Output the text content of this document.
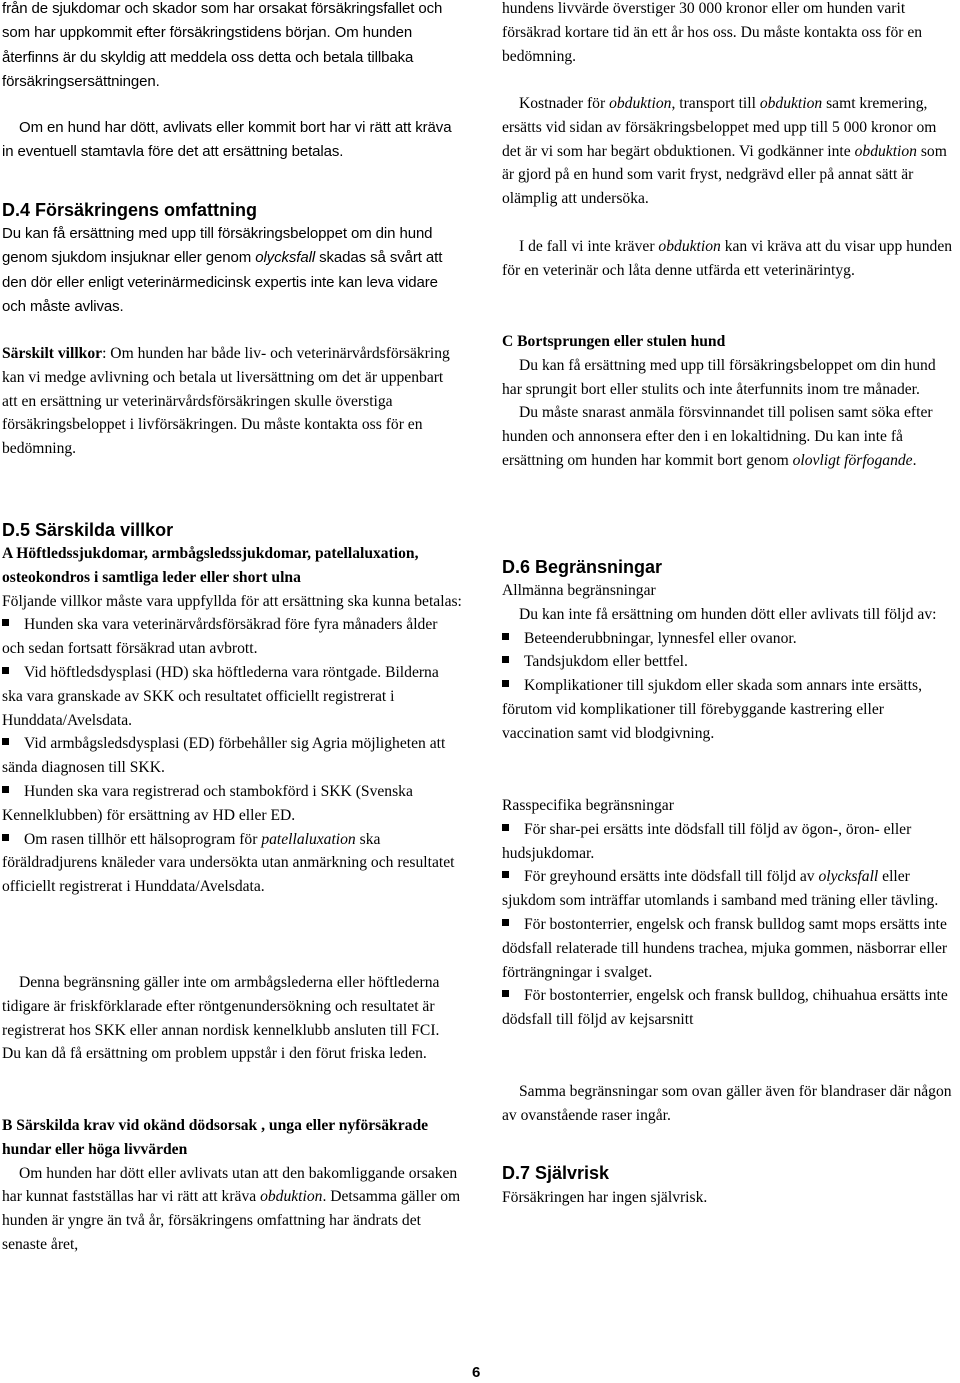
från de sjukdomar och skador som har orsakat försäkringsfallet och som har uppkommit efter försäkringstidens början. Om hunden återfinns är du skyldig att meddela oss detta och betala tillbaka försäkringsersättningen.

Om en hund har dött, avlivats eller kommit bort har vi rätt att kräva in eventuell stamtavla före det att ersättning betalas.

D.4 Försäkringens omfattning

Du kan få ersättning med upp till försäkringsbeloppet om din hund genom sjukdom insjuknar eller genom olycksfall skadas så svårt att den dör eller enligt veterinärmedicinsk expertis inte kan leva vidare och måste avlivas.

Särskilt villkor: Om hunden har både liv- och veterinärvårdsförsäkring kan vi medge avlivning och betala ut liversättning om det är uppenbart att en ersättning ur veterinärvårdsförsäkringen skulle överstiga försäkringsbeloppet i livförsäkringen. Du måste kontakta oss för en bedömning.

D.5 Särskilda villkor

A Höftledssjukdomar, armbågsledssjukdomar, patellaluxation, osteokondros i samtliga leder eller short ulna

Följande villkor måste vara uppfyllda för att ersättning ska kunna betalas:

Hunden ska vara veterinärvårdsförsäkrad före fyra månaders ålder och sedan fortsatt försäkrad utan avbrott.

Vid höftledsdysplasi (HD) ska höftlederna vara röntgade. Bilderna ska vara granskade av SKK och resultatet officiellt registrerat i Hunddata/Avelsdata.

Vid armbågsledsdysplasi (ED) förbehåller sig Agria möjligheten att sända diagnosen till SKK.

Hunden ska vara registrerad och stambokförd i SKK (Svenska Kennelklubben) för ersättning av HD eller ED.

Om rasen tillhör ett hälsoprogram för patellaluxation ska föräldradjurens knäleder vara undersökta utan anmärkning och resultatet officiellt registrerat i Hunddata/Avelsdata.

Denna begränsning gäller inte om armbågslederna eller höftlederna tidigare är friskförklarade efter röntgenundersökning och resultatet är registrerat hos SKK eller annan nordisk kennelklubb ansluten till FCI. Du kan då få ersättning om problem uppstår i den förut friska leden.

B Särskilda krav vid okänd dödsorsak , unga eller nyförsäkrade hundar eller höga livvärden

Om hunden har dött eller avlivats utan att den bakomliggande orsaken har kunnat fastställas har vi rätt att kräva obduktion. Detsamma gäller om hunden är yngre än två år, försäkringens omfattning har ändrats det senaste året,

hundens livvärde överstiger 30 000 kronor eller om hunden varit försäkrad kortare tid än ett år hos oss. Du måste kontakta oss för en bedömning.

Kostnader för obduktion, transport till obduktion samt kremering, ersätts vid sidan av försäkringsbeloppet med upp till 5 000 kronor om det är vi som har begärt obduktionen. Vi godkänner inte obduktion som är gjord på en hund som varit fryst, nedgrävd eller på annat sätt är olämplig att undersöka.

I de fall vi inte kräver obduktion kan vi kräva att du visar upp hunden för en veterinär och låta denne utfärda ett veterinärintyg.

C Bortsprungen eller stulen hund

Du kan få ersättning med upp till försäkringsbeloppet om din hund har sprungit bort eller stulits och inte återfunnits inom tre månader.

Du måste snarast anmäla försvinnandet till polisen samt söka efter hunden och annonsera efter den i en lokaltidning. Du kan inte få ersättning om hunden har kommit bort genom olovligt förfogande.

D.6 Begränsningar

Allmänna begränsningar

Du kan inte få ersättning om hunden dött eller avlivats till följd av:

Beteenderubbningar, lynnesfel eller ovanor.

Tandsjukdom eller bettfel.

Komplikationer till sjukdom eller skada som annars inte ersätts, förutom vid komplikationer till förebyggande kastrering eller vaccination samt vid blodgivning.

Rasspecifika begränsningar

För shar-pei ersätts inte dödsfall till följd av ögon-, öron- eller hudsjukdomar.

För greyhound ersätts inte dödsfall till följd av olycksfall eller sjukdom som inträffar utomlands i samband med träning eller tävling.

För bostonterrier, engelsk och fransk bulldog samt mops ersätts inte dödsfall relaterade till hundens trachea, mjuka gommen, näsborrar eller förträngningar i svalget.

För bostonterrier, engelsk och fransk bulldog, chihuahua ersätts inte dödsfall till följd av kejsarsnitt

Samma begränsningar som ovan gäller även för blandraser där någon av ovanstående raser ingår.

D.7 Självrisk

Försäkringen har ingen självrisk.

6
